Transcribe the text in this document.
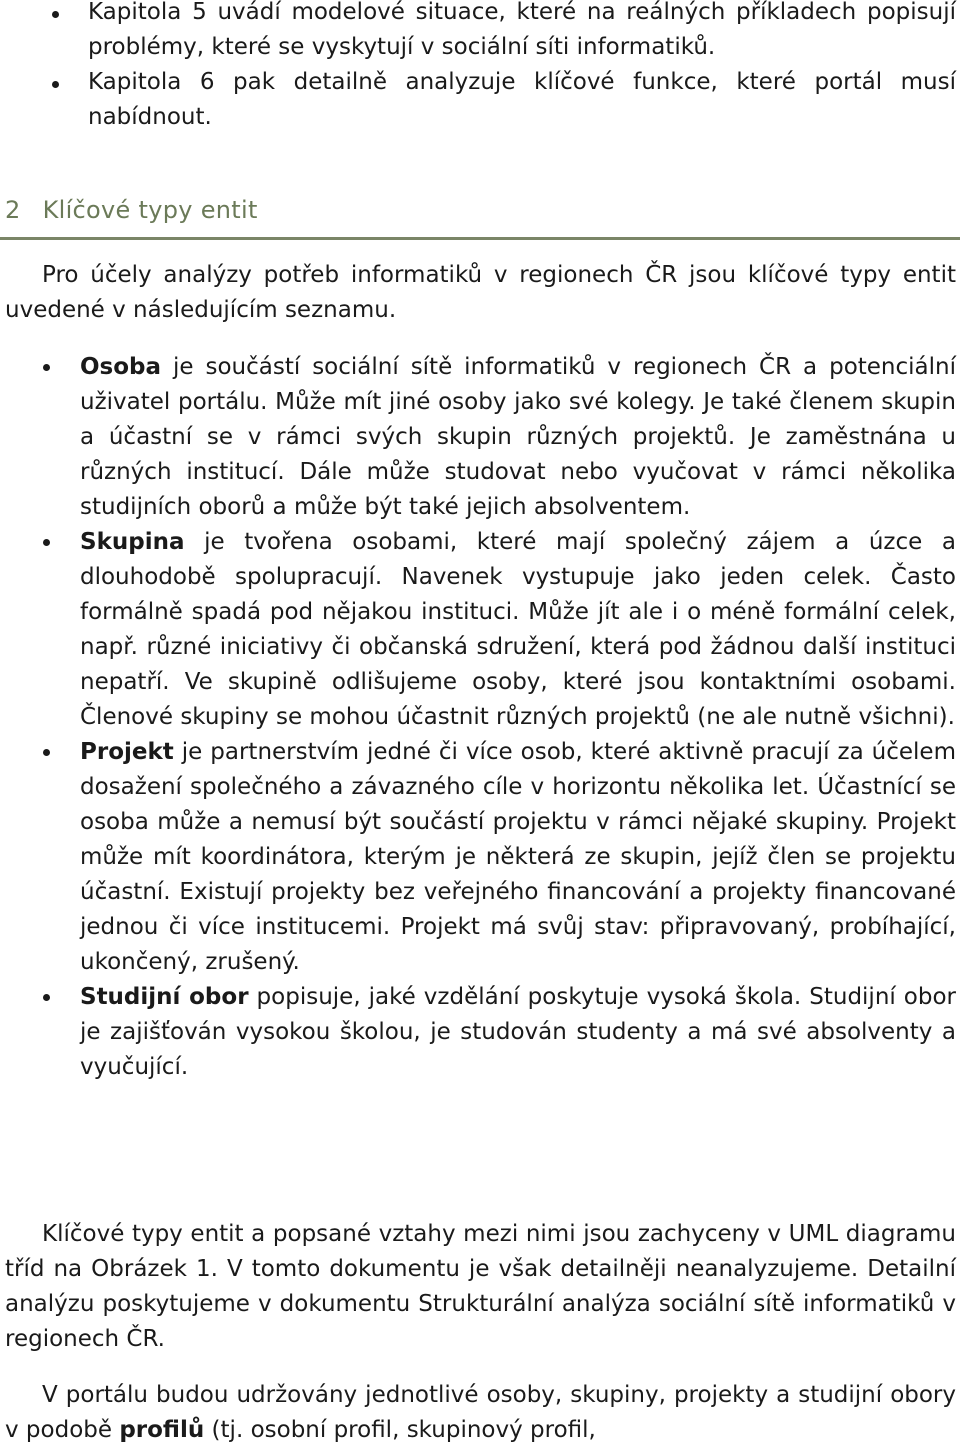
Kapitola 5 uvádí modelové situace, které na reálných příkladech popisují problémy, které se vyskytují v sociální síti informatiků.

Kapitola 6 pak detailně analyzuje klíčové funkce, které portál musí nabídnout.

2 Klíčové typy entit

Pro účely analýzy potřeb informatiků v regionech ČR jsou klíčové typy entit uvedené v následujícím seznamu.

Osoba je součástí sociální sítě informatiků v regionech ČR a potenciální uživatel portálu. Může mít jiné osoby jako své kolegy. Je také členem skupin a účastní se v rámci svých skupin různých projektů. Je zaměstnána u různých institucí. Dále může studovat nebo vyučovat v rámci několika studijních oborů a může být také jejich absolventem.

Skupina je tvořena osobami, které mají společný zájem a úzce a dlouhodobě spolupracují. Navenek vystupuje jako jeden celek. Často formálně spadá pod nějakou instituci. Může jít ale i o méně formální celek, např. různé iniciativy či občanská sdružení, která pod žádnou další instituci nepatří. Ve skupině odlišujeme osoby, které jsou kontaktními osobami. Členové skupiny se mohou účastnit různých projektů (ne ale nutně všichni).

Projekt je partnerstvím jedné či více osob, které aktivně pracují za účelem dosažení společného a závazného cíle v horizontu několika let. Účastnící se osoba může a nemusí být součástí projektu v rámci nějaké skupiny. Projekt může mít koordinátora, kterým je některá ze skupin, jejíž člen se projektu účastní. Existují projekty bez veřejného financování a projekty financované jednou či více institucemi. Projekt má svůj stav: připravovaný, probíhající, ukončený, zrušený.

Studijní obor popisuje, jaké vzdělání poskytuje vysoká škola. Studijní obor je zajišťován vysokou školou, je studován studenty a má své absolventy a vyučující.

Klíčové typy entit a popsané vztahy mezi nimi jsou zachyceny v UML diagramu tříd na Obrázek 1. V tomto dokumentu je však detailněji neanalyzujeme. Detailní analýzu poskytujeme v dokumentu Strukturální analýza sociální sítě informatiků v regionech ČR.

V portálu budou udržovány jednotlivé osoby, skupiny, projekty a studijní obory v podobě profilů (tj. osobní profil, skupinový profil,
